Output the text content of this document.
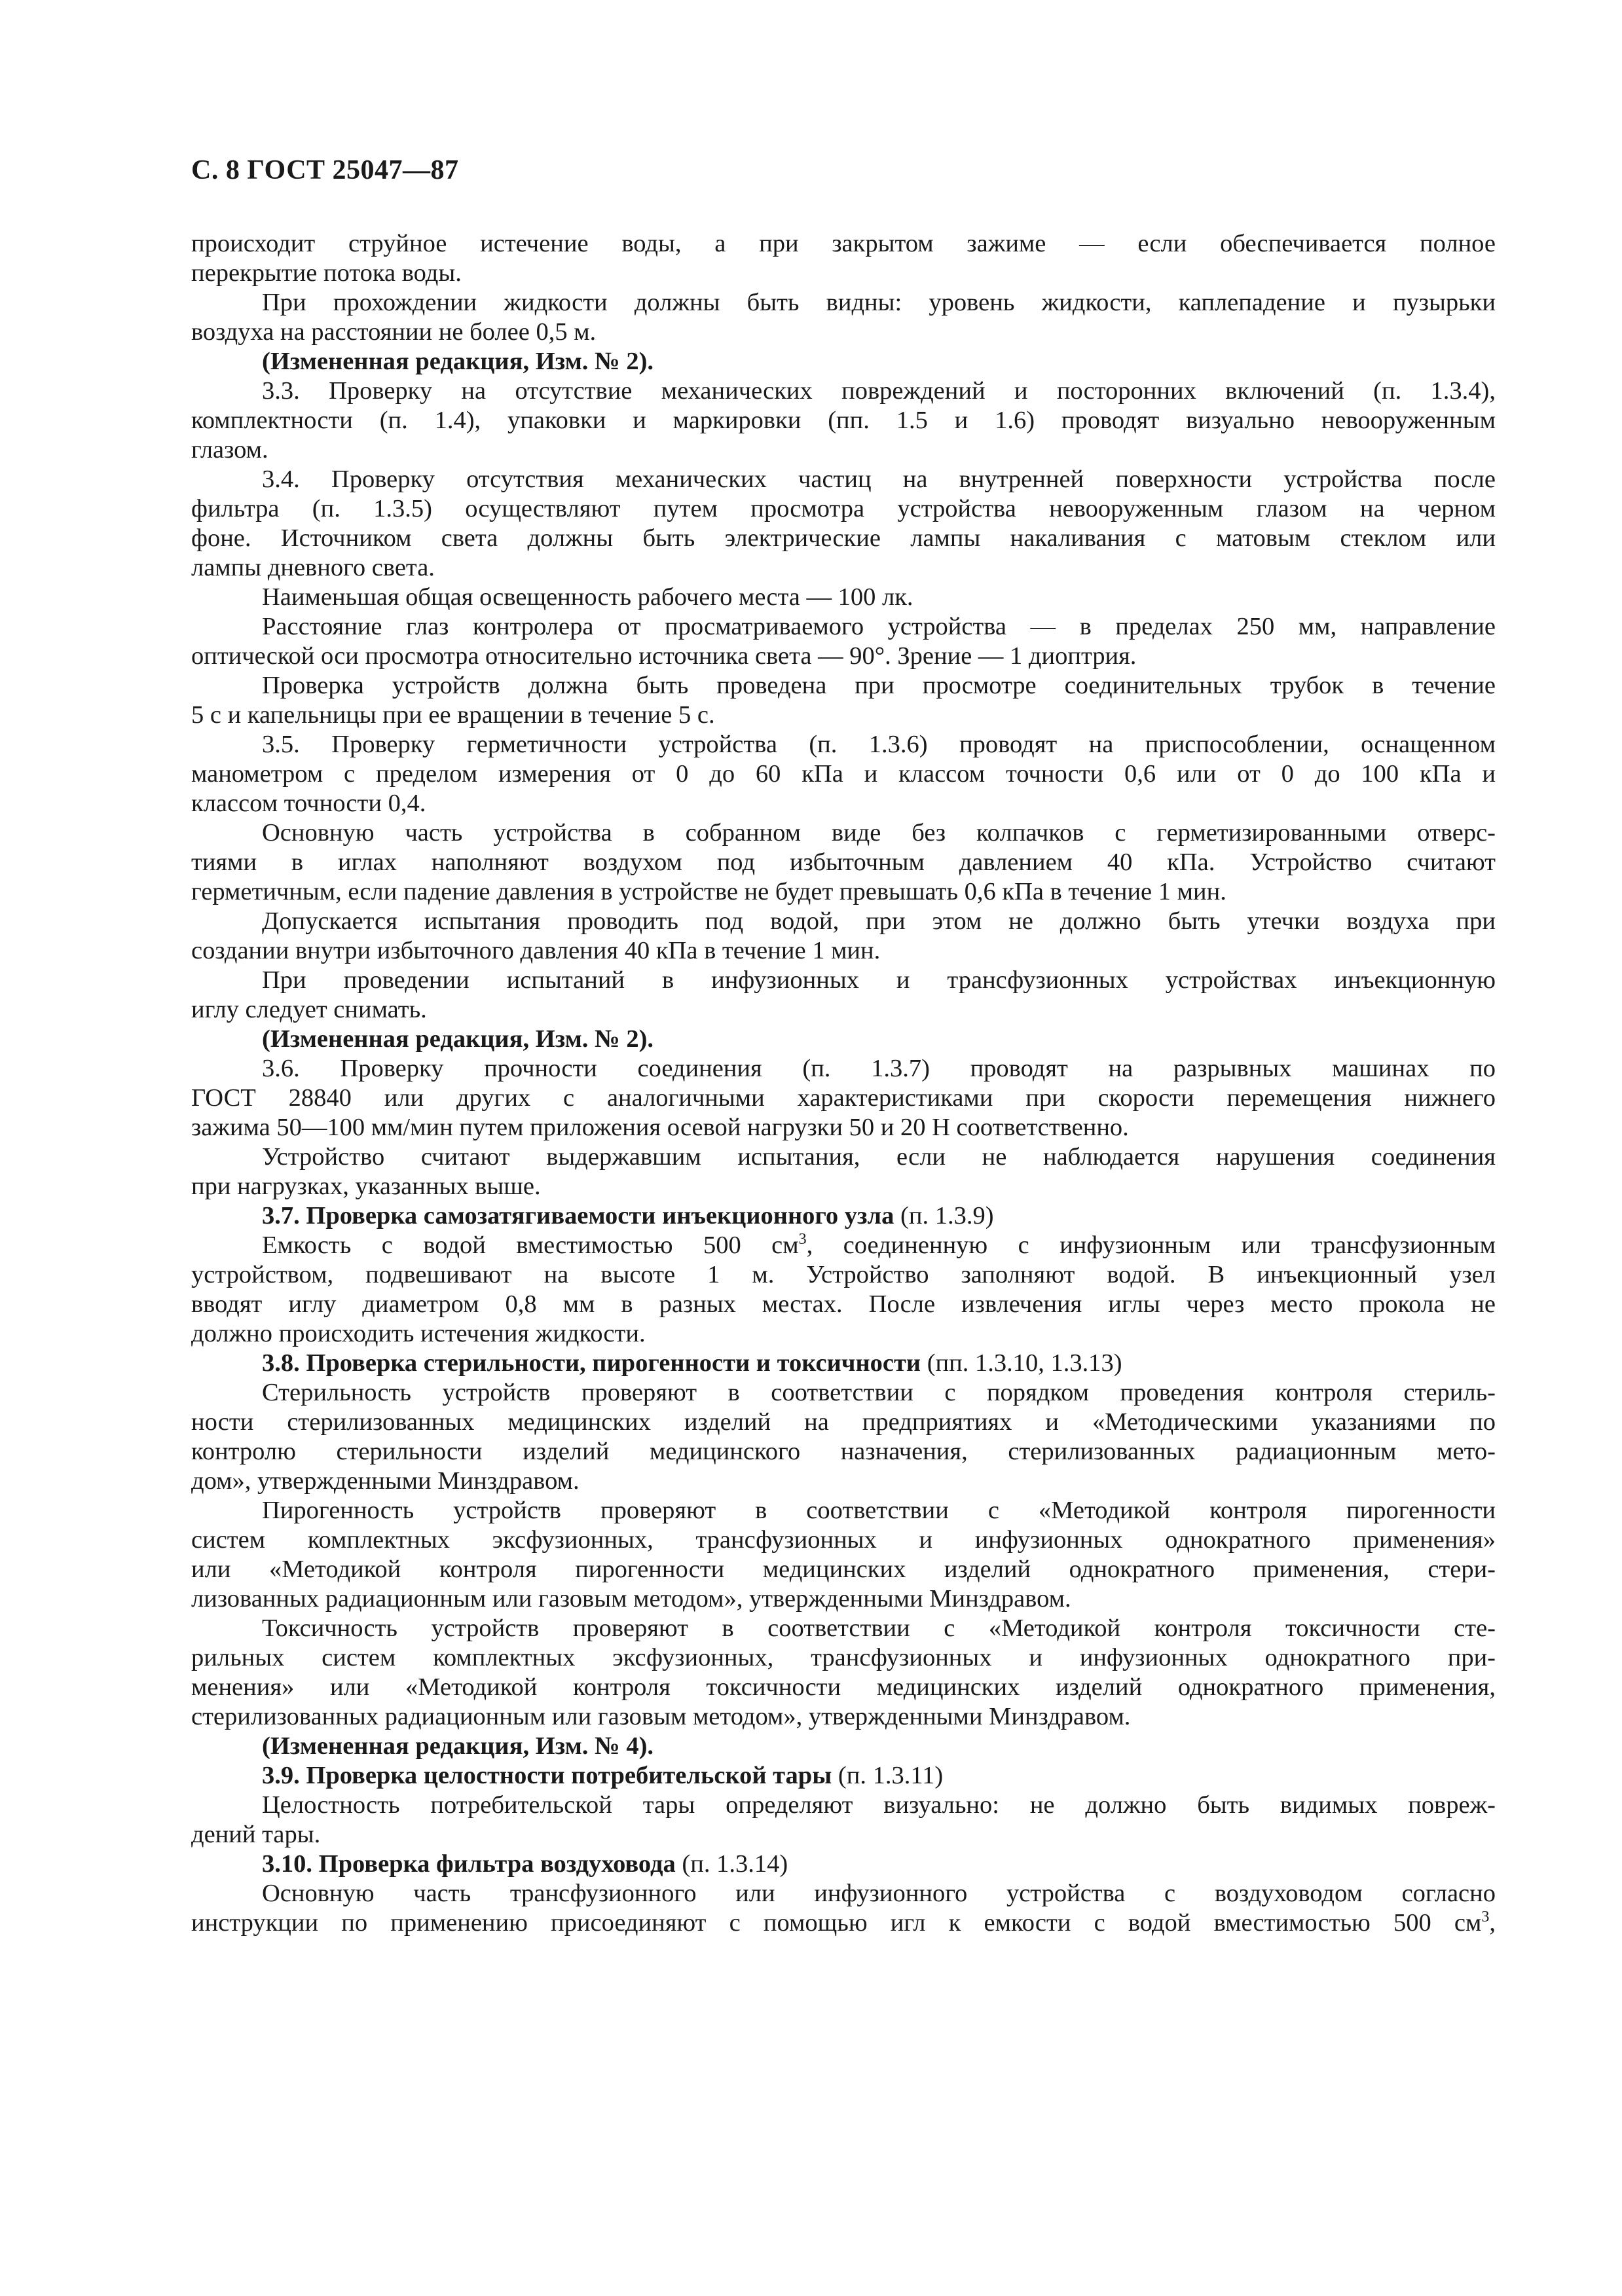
С. 8 ГОСТ 25047—87
происходит струйное истечение воды, а при закрытом зажиме — если обеспечивается полное
перекрытие потока воды.
При прохождении жидкости должны быть видны: уровень жидкости, каплепадение и пузырьки
воздуха на расстоянии не более 0,5 м.
(Измененная редакция, Изм. № 2).
3.3. Проверку на отсутствие механических повреждений и посторонних включений (п. 1.3.4),
комплектности (п. 1.4), упаковки и маркировки (пп. 1.5 и 1.6) проводят визуально невооруженным
глазом.
3.4. Проверку отсутствия механических частиц на внутренней поверхности устройства после
фильтра (п. 1.3.5) осуществляют путем просмотра устройства невооруженным глазом на черном
фоне. Источником света должны быть электрические лампы накаливания с матовым стеклом или
лампы дневного света.
Наименьшая общая освещенность рабочего места — 100 лк.
Расстояние глаз контролера от просматриваемого устройства — в пределах 250 мм, направление
оптической оси просмотра относительно источника света — 90°. Зрение — 1 диоптрия.
Проверка устройств должна быть проведена при просмотре соединительных трубок в течение
5 с и капельницы при ее вращении в течение 5 с.
3.5. Проверку герметичности устройства (п. 1.3.6) проводят на приспособлении, оснащенном
манометром с пределом измерения от 0 до 60 кПа и классом точности 0,6 или от 0 до 100 кПа и
классом точности 0,4.
Основную часть устройства в собранном виде без колпачков с герметизированными отверс-
тиями в иглах наполняют воздухом под избыточным давлением 40 кПа. Устройство считают
герметичным, если падение давления в устройстве не будет превышать 0,6 кПа в течение 1 мин.
Допускается испытания проводить под водой, при этом не должно быть утечки воздуха при
создании внутри избыточного давления 40 кПа в течение 1 мин.
При проведении испытаний в инфузионных и трансфузионных устройствах инъекционную
иглу следует снимать.
(Измененная редакция, Изм. № 2).
3.6. Проверку прочности соединения (п. 1.3.7) проводят на разрывных машинах по
ГОСТ 28840 или других с аналогичными характеристиками при скорости перемещения нижнего
зажима 50—100 мм/мин путем приложения осевой нагрузки 50 и 20 Н соответственно.
Устройство считают выдержавшим испытания, если не наблюдается нарушения соединения
при нагрузках, указанных выше.
3.7. Проверка самозатягиваемости инъекционного узла (п. 1.3.9)
Емкость с водой вместимостью 500 $см^3$, соединенную с инфузионным или трансфузионным
устройством, подвешивают на высоте 1 м. Устройство заполняют водой. В инъекционный узел
вводят иглу диаметром 0,8 мм в разных местах. После извлечения иглы через место прокола не
должно происходить истечения жидкости.
3.8. Проверка стерильности, пирогенности и токсичности (пп. 1.3.10, 1.3.13)
Стерильность устройств проверяют в соответствии с порядком проведения контроля стериль-
ности стерилизованных медицинских изделий на предприятиях и «Методическими указаниями по
контролю стерильности изделий медицинского назначения, стерилизованных радиационным мето-
дом», утвержденными Минздравом.
Пирогенность устройств проверяют в соответствии с «Методикой контроля пирогенности
систем комплектных эксфузионных, трансфузионных и инфузионных однократного применения»
или «Методикой контроля пирогенности медицинских изделий однократного применения, стери-
лизованных радиационным или газовым методом», утвержденными Минздравом.
Токсичность устройств проверяют в соответствии с «Методикой контроля токсичности сте-
рильных систем комплектных эксфузионных, трансфузионных и инфузионных однократного при-
менения» или «Методикой контроля токсичности медицинских изделий однократного применения,
стерилизованных радиационным или газовым методом», утвержденными Минздравом.
(Измененная редакция, Изм. № 4).
3.9. Проверка целостности потребительской тары (п. 1.3.11)
Целостность потребительской тары определяют визуально: не должно быть видимых повреж-
дений тары.
3.10. Проверка фильтра воздуховода (п. 1.3.14)
Основную часть трансфузионного или инфузионного устройства с воздуховодом согласно
инструкции по применению присоединяют с помощью игл к емкости с водой вместимостью 500 $см^3$,
